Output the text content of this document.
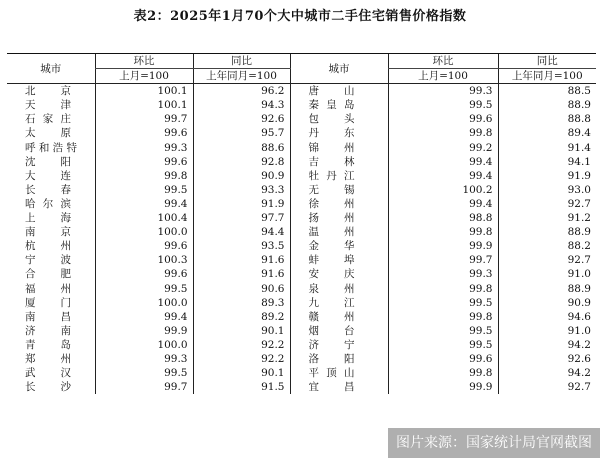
表2：2025年1月70个大中城市二手住宅销售价格指数
城市	环比	同比	城市	环比	同比
	上月=100	上年同月=100		上月=100	上年同月=100

北 京	100.1	96.2	唐 山	99.3	88.5

天 津	100.1	94.3	秦 皇 岛	99.5	88.9

石 家 庄	99.7	92.6	包 头	99.6	88.8

太 原	99.6	95.7	丹 东	99.8	89.4

呼 和 浩 特	99.3	88.6	锦 州	99.2	91.4

沈 阳	99.6	92.8	吉 林	99.4	94.1

大 连	99.8	90.9	牡 丹 江	99.4	91.9

长 春	99.5	93.3	无 锡	100.2	93.0

哈 尔 滨	99.4	91.9	徐 州	99.4	92.7

上 海	100.4	97.7	扬 州	98.8	91.2

南 京	100.0	94.4	温 州	99.8	88.9

杭 州	99.6	93.5	金 华	99.9	88.2

宁 波	100.3	91.6	蚌 埠	99.7	92.7

合 肥	99.6	91.6	安 庆	99.3	91.0

福 州	99.5	90.6	泉 州	99.8	88.9

厦 门	100.0	89.3	九 江	99.5	90.9

南 昌	99.4	89.2	赣 州	99.8	94.6

济 南	99.9	90.1	烟 台	99.5	91.0

青 岛	100.0	92.2	济 宁	99.5	94.2

郑 州	99.3	92.2	洛 阳	99.6	92.6

武 汉	99.5	90.1	平 顶 山	99.8	94.2

长 沙	99.7	91.5	宜 昌	99.9	92.7
图片来源：国家统计局官网截图
